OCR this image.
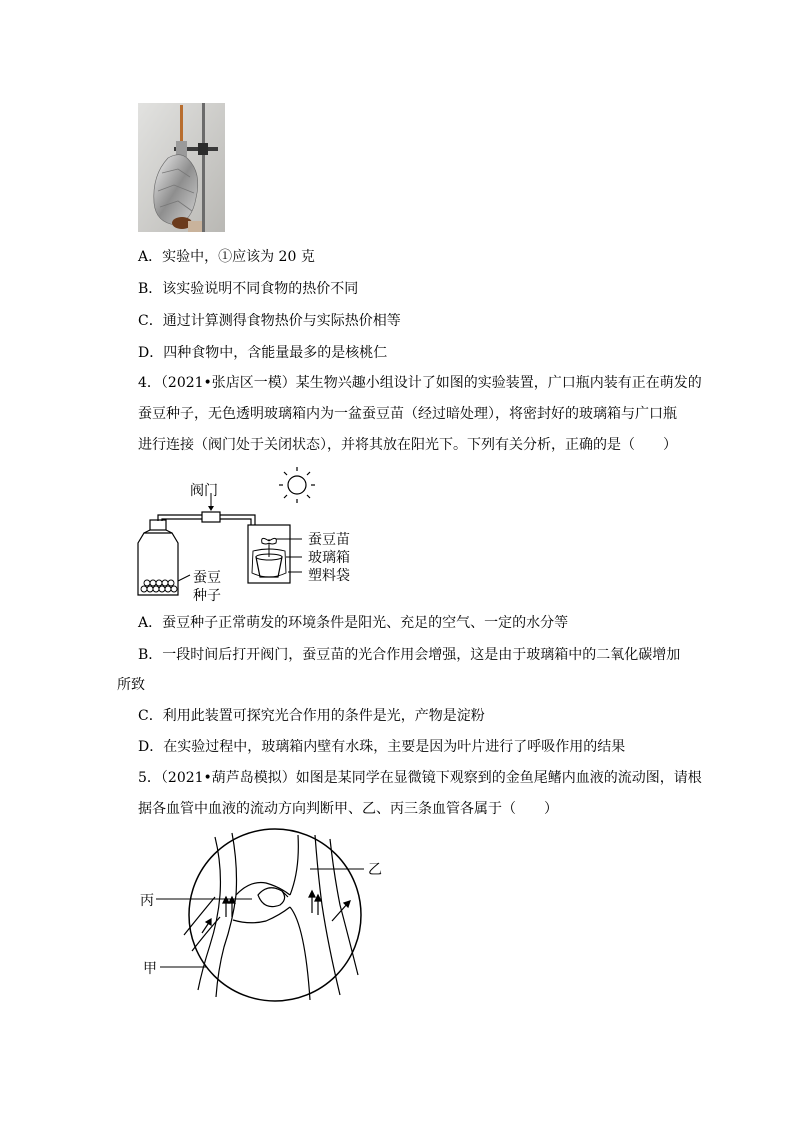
A．实验中，①应该为 20 克
B．该实验说明不同食物的热价不同
C．通过计算测得食物热价与实际热价相等
D．四种食物中，含能量最多的是核桃仁
4．（2021•张店区一模）某生物兴趣小组设计了如图的实验装置，广口瓶内装有正在萌发的
蚕豆种子，无色透明玻璃箱内为一盆蚕豆苗（经过暗处理），将密封好的玻璃箱与广口瓶
进行连接（阀门处于关闭状态），并将其放在阳光下。下列有关分析，正确的是（　　）
阀门
蚕豆
种子
蚕豆苗
玻璃箱
塑料袋
A．蚕豆种子正常萌发的环境条件是阳光、充足的空气、一定的水分等
B．一段时间后打开阀门，蚕豆苗的光合作用会增强，这是由于玻璃箱中的二氧化碳增加
所致
C．利用此装置可探究光合作用的条件是光，产物是淀粉
D．在实验过程中，玻璃箱内壁有水珠，主要是因为叶片进行了呼吸作用的结果
5．（2021•葫芦岛模拟）如图是某同学在显微镜下观察到的金鱼尾鳍内血液的流动图，请根
据各血管中血液的流动方向判断甲、乙、丙三条血管各属于（　　）
乙
丙
甲
